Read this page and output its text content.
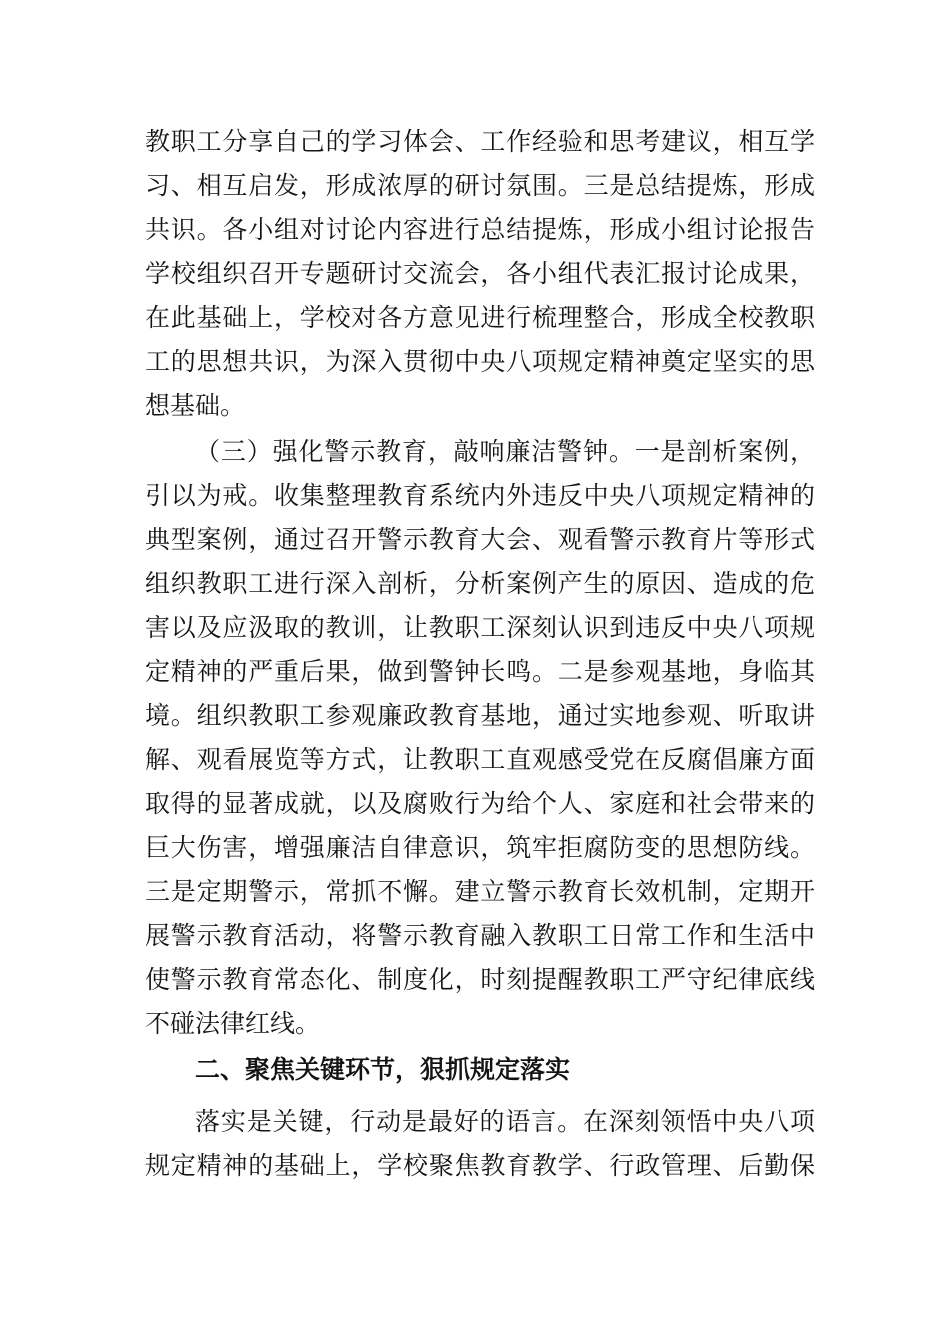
教职工分享自己的学习体会、工作经验和思考建议，相互学
习、相互启发，形成浓厚的研讨氛围。三是总结提炼，形成
共识。各小组对讨论内容进行总结提炼，形成小组讨论报告
学校组织召开专题研讨交流会，各小组代表汇报讨论成果，
在此基础上，学校对各方意见进行梳理整合，形成全校教职
工的思想共识，为深入贯彻中央八项规定精神奠定坚实的思
想基础。
（三）强化警示教育，敲响廉洁警钟。一是剖析案例，
引以为戒。收集整理教育系统内外违反中央八项规定精神的
典型案例，通过召开警示教育大会、观看警示教育片等形式
组织教职工进行深入剖析，分析案例产生的原因、造成的危
害以及应汲取的教训，让教职工深刻认识到违反中央八项规
定精神的严重后果，做到警钟长鸣。二是参观基地，身临其
境。组织教职工参观廉政教育基地，通过实地参观、听取讲
解、观看展览等方式，让教职工直观感受党在反腐倡廉方面
取得的显著成就，以及腐败行为给个人、家庭和社会带来的
巨大伤害，增强廉洁自律意识，筑牢拒腐防变的思想防线。
三是定期警示，常抓不懈。建立警示教育长效机制，定期开
展警示教育活动，将警示教育融入教职工日常工作和生活中
使警示教育常态化、制度化，时刻提醒教职工严守纪律底线
不碰法律红线。
二、聚焦关键环节，狠抓规定落实
落实是关键，行动是最好的语言。在深刻领悟中央八项
规定精神的基础上，学校聚焦教育教学、行政管理、后勤保
